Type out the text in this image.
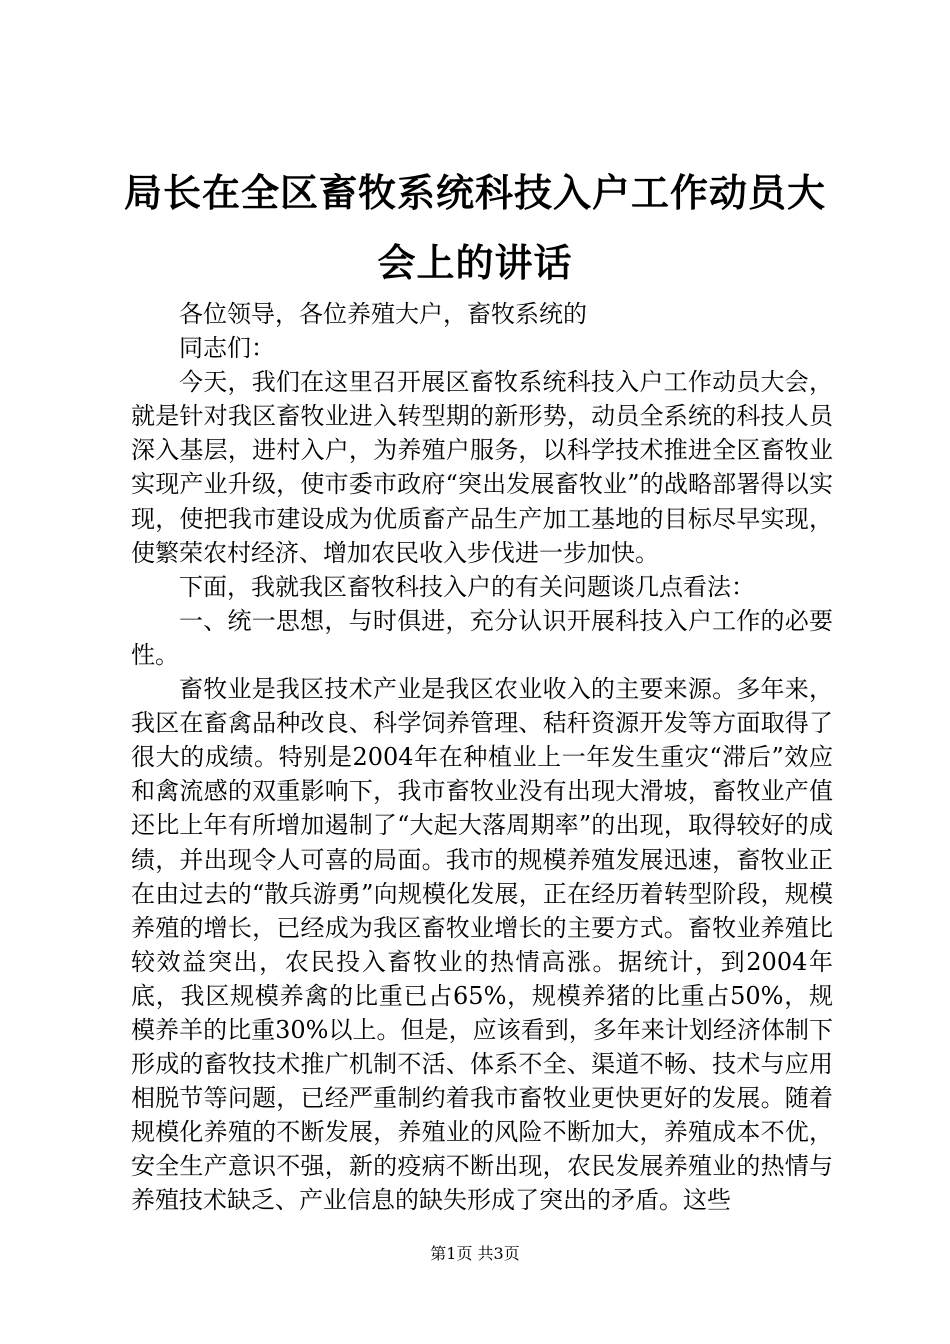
局长在全区畜牧系统科技入户工作动员大会上的讲话

各位领导，各位养殖大户，畜牧系统的

同志们：

今天，我们在这里召开展区畜牧系统科技入户工作动员大会，就是针对我区畜牧业进入转型期的新形势，动员全系统的科技人员深入基层，进村入户，为养殖户服务，以科学技术推进全区畜牧业实现产业升级，使市委市政府“突出发展畜牧业”的战略部署得以实现，使把我市建设成为优质畜产品生产加工基地的目标尽早实现，使繁荣农村经济、增加农民收入步伐进一步加快。

下面，我就我区畜牧科技入户的有关问题谈几点看法：

一、统一思想，与时俱进，充分认识开展科技入户工作的必要性。

畜牧业是我区技术产业是我区农业收入的主要来源。多年来，我区在畜禽品种改良、科学饲养管理、秸秆资源开发等方面取得了很大的成绩。特别是2004年在种植业上一年发生重灾“滞后”效应和禽流感的双重影响下，我市畜牧业没有出现大滑坡，畜牧业产值还比上年有所增加遏制了“大起大落周期率”的出现，取得较好的成绩，并出现令人可喜的局面。我市的规模养殖发展迅速，畜牧业正在由过去的“散兵游勇”向规模化发展，正在经历着转型阶段，规模养殖的增长，已经成为我区畜牧业增长的主要方式。畜牧业养殖比较效益突出，农民投入畜牧业的热情高涨。据统计，到2004年底，我区规模养禽的比重已占65%，规模养猪的比重占50%，规模养羊的比重30%以上。但是，应该看到，多年来计划经济体制下形成的畜牧技术推广机制不活、体系不全、渠道不畅、技术与应用相脱节等问题，已经严重制约着我市畜牧业更快更好的发展。随着规模化养殖的不断发展，养殖业的风险不断加大，养殖成本不优，安全生产意识不强，新的疫病不断出现，农民发展养殖业的热情与养殖技术缺乏、产业信息的缺失形成了突出的矛盾。这些

第1页 共3页
